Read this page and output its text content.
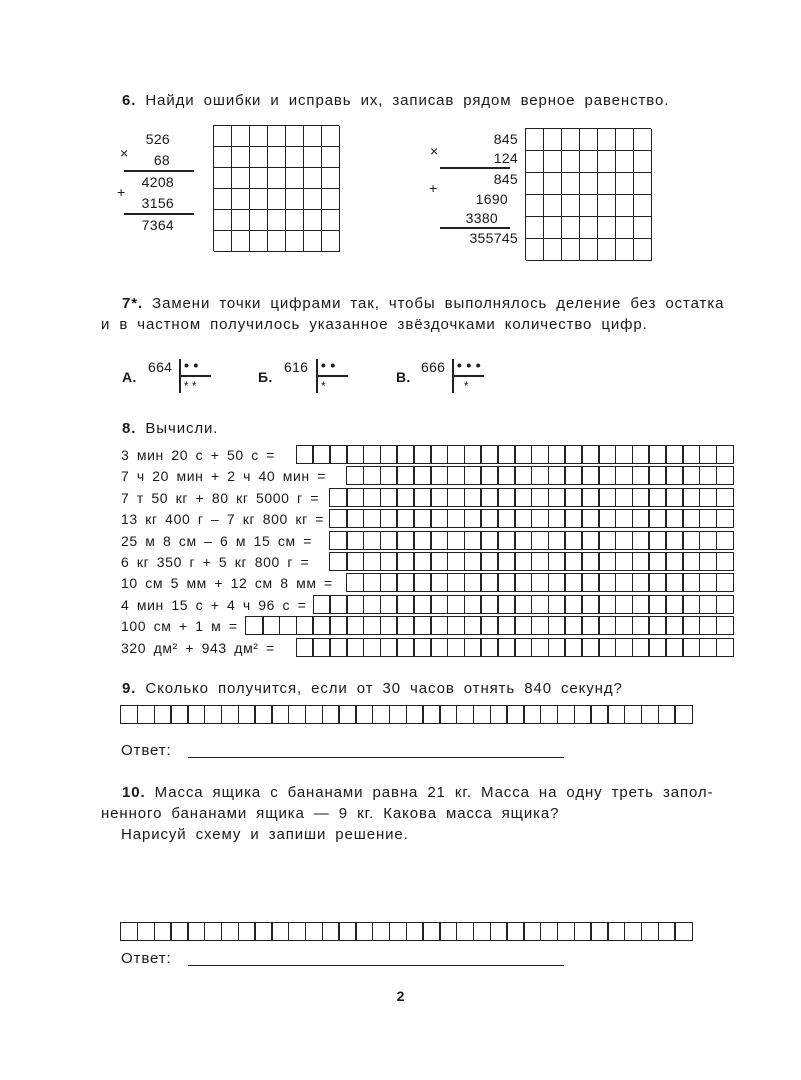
6. Найди ошибки и исправь их, записав рядом верное равенство.
526
×	68
4208
+
3156
7364
845
×	124
845
+
1690
3380
355745
7*. Замени точки цифрами так, чтобы выполнялось деление без остатка
и в частном получилось указанное звёздочками количество цифр.
А.
664 • •
* *
Б.
616 • •
*
В.
666 • • •
*
8. Вычисли.
3 мин 20 с + 50 с =
7 ч 20 мин + 2 ч 40 мин =
7 т 50 кг + 80 кг 5000 г =
13 кг 400 г – 7 кг 800 кг =
25 м 8 см – 6 м 15 см =
6 кг 350 г + 5 кг 800 г =
10 см 5 мм + 12 см 8 мм =
4 мин 15 с + 4 ч 96 с =
100 см + 1 м =
320 дм² + 943 дм² =
9. Сколько получится, если от 30 часов отнять 840 секунд?
Ответ:
10. Масса ящика с бананами равна 21 кг. Масса на одну треть запол-
ненного бананами ящика — 9 кг. Какова масса ящика?
Нарисуй схему и запиши решение.
Ответ:
2
